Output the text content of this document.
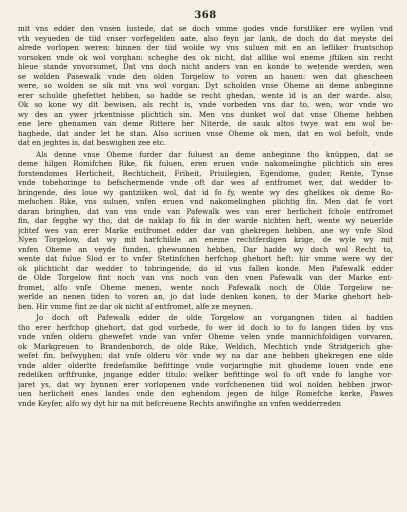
368
mit vns edder den vnsen lustede, dat se doch vmme godes vnde forstliker ere wyllen vnd
vth veyueden de tiid vnser vorfegelden aate, also feyn jar lank, de doch do dat meyste del
alrede vorlopen weren: binnen der tiid wolde wy vns suluen mit en an lefliker fruntschop
vorsoken vnde ok wol vorghan: scheghe des ok nicht, dat allike wol eneme jftiken sin recht
bleue stande vnvorsumet, Dat vns doch nicht anders van en konde to wetende werden, wen
se wolden Pasewalk vnde den olden Torgelow to voren an hauen: wen dat ghescheen
were, so wolden se sik mit vns wol vorgan. Dyt scholden vnse Oheme an deme anbeginne
erer schulde ghefettet hebben, so hadde se recht ghedan, wente id is an der warde. also,
Ok so kone wy dit bewisen, als recht is, vnde vorbeden vns dar to, wen, wor vnde wo
wy des an ywer jrkentnisse plichtich sin. Men vns dunket wol dat vnse Oheme hebben
ene lere ghenamen van deme Rittere her Niterde, de sauk altos twye wat em wol be-
haghede, dat ander let he stan. Also scriuen vnse Oheme ok men, dat en wol befolt, vnde
dat en jeghtes is, dat beswighen zee etc.
Als denne vnse Oheme furder dar fuluest an deme anbeginne tho knüppen, dat se
deme hilgen Romifchen Rike, fik fuluen, eren eruen vnde nakomelinghe plichtich sin eres
forstendomes Herlicheit, Rechticheit, Friheit, Priuilegien, Egendome, guder, Rente, Tynse
vnde tobehoringe to befschermende vnde oft dar wes af entfromet wer, dat wedder to-
bringende, des loue wy gantziiken wol, dat id fo fy, wente wy des ghelikes ok deme Ro-
mefschen Rike, vns suluen, vnfen eruen vnd nakomelinghen plichtig fin. Men dat fe vort
daran bringhen, dat van vns vnde van Pafewalk wes van erer herlicheit fchole entfromet
fin, dar fegghe wy tho, dat de naklap fo fik in der warde nichten heft, wente wy neuerlde
jchtef wes van erer Marke entfromet edder dar van ghekregen hebben, ane wy vnfe Slod
Nyen Torgelow, dat wy mit harfchilde an eneme rechtferdigen krige, de wyle wy mit
vnfen Oheme an veyde funden, ghewunnen hebben, Dar hadde wy doch wol Recht to,
wente dat fulue Slod er to vnfer Stetinfchen herfchop ghehort heft: hir vmme were wy der
ok plichticht dar wedder to tobringende, do id vns fallen konde. Men Pafewalk edder
de Olde Torgelow fint noch van vns noch van den vnen Pafewalk van der Marke ent-
fromet, alfo vnfe Oheme menen, wente noch Pafewalk noch de Olde Torgelow ne-
werlde an nenen tiden to voren an, jo dat lude denken konen, to der Marke ghehort heb-
ben. Hir vmme fint ze dar ok nicht af entfromet, alfe ze meynen.
Jo doch oft Pafewalk edder de olde Torgelow an vorgangnen tiden al hadden
tho erer herfchop ghehort, dat god vorbede, fo wer id doch io to fo langen tiden by vns
vnde vnfen olderu ghewefet vnde van vnfer Oheme velen vnde mannichfoldigen vorvaren,
ok Markgreuen to Brandenborch, de olde Rike, Weldich, Mechtich vnde Stridgerich ghe-
wefet fin, befwyghen; dat vnfe olderu vör vnde wy na dar ane hebben ghekregen ene olde
vnde alder olderlte fredefamike befittinge vnde vorjaringhe mit ghudeme louen vnde ene
redeliken orftfrunke, jngange edder titulo: welker befittinge wol fo oft vnde fo langhe vor-
jaret ys, dat wy bynnen erer vorlopenen vnde vorfchenenen tiid wol nolden hebben jrwor-
uen herlicheit enes landes vnde den eghendom jegen de hilge Romefche kerke, Pawes
vnde Keyfer, alfo wy dyt hir na mit befcreuene Rechts anwifinghe an vnfen wedderreden
